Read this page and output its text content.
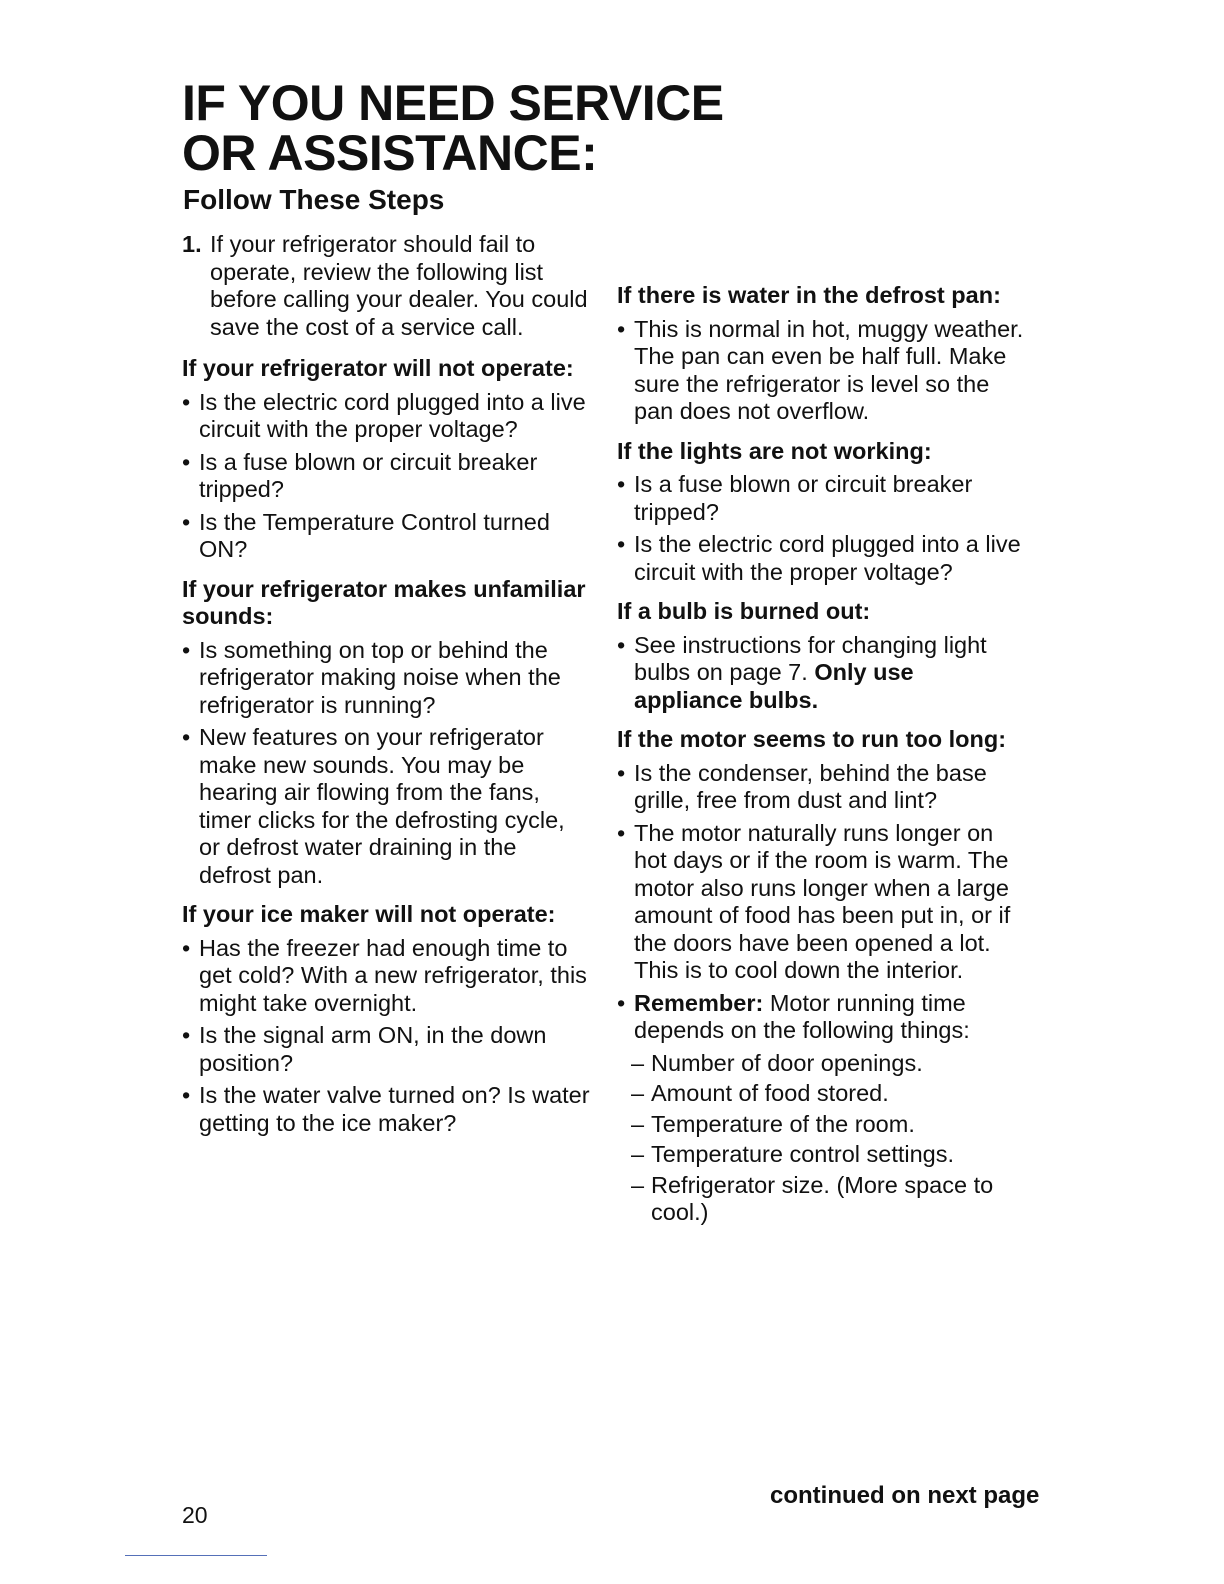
IF YOU NEED SERVICE
OR ASSISTANCE:
Follow These Steps
1. If your refrigerator should fail to operate, review the following list before calling your dealer. You could save the cost of a service call.
If your refrigerator will not operate:
• Is the electric cord plugged into a live circuit with the proper voltage?
• Is a fuse blown or circuit breaker tripped?
• Is the Temperature Control turned ON?
If your refrigerator makes unfamiliar sounds:
• Is something on top or behind the refrigerator making noise when the refrigerator is running?
• New features on your refrigerator make new sounds. You may be hearing air flowing from the fans, timer clicks for the defrosting cycle, or defrost water draining in the defrost pan.
If your ice maker will not operate:
• Has the freezer had enough time to get cold? With a new refrigerator, this might take overnight.
• Is the signal arm ON, in the down position?
• Is the water valve turned on? Is water getting to the ice maker?
If there is water in the defrost pan:
• This is normal in hot, muggy weather. The pan can even be half full. Make sure the refrigerator is level so the pan does not overflow.
If the lights are not working:
• Is a fuse blown or circuit breaker tripped?
• Is the electric cord plugged into a live circuit with the proper voltage?
If a bulb is burned out:
• See instructions for changing light bulbs on page 7. Only use appliance bulbs.
If the motor seems to run too long:
• Is the condenser, behind the base grille, free from dust and lint?
• The motor naturally runs longer on hot days or if the room is warm. The motor also runs longer when a large amount of food has been put in, or if the doors have been opened a lot. This is to cool down the interior.
• Remember: Motor running time depends on the following things:
– Number of door openings.
– Amount of food stored.
– Temperature of the room.
– Temperature control settings.
– Refrigerator size. (More space to cool.)
continued on next page
20
